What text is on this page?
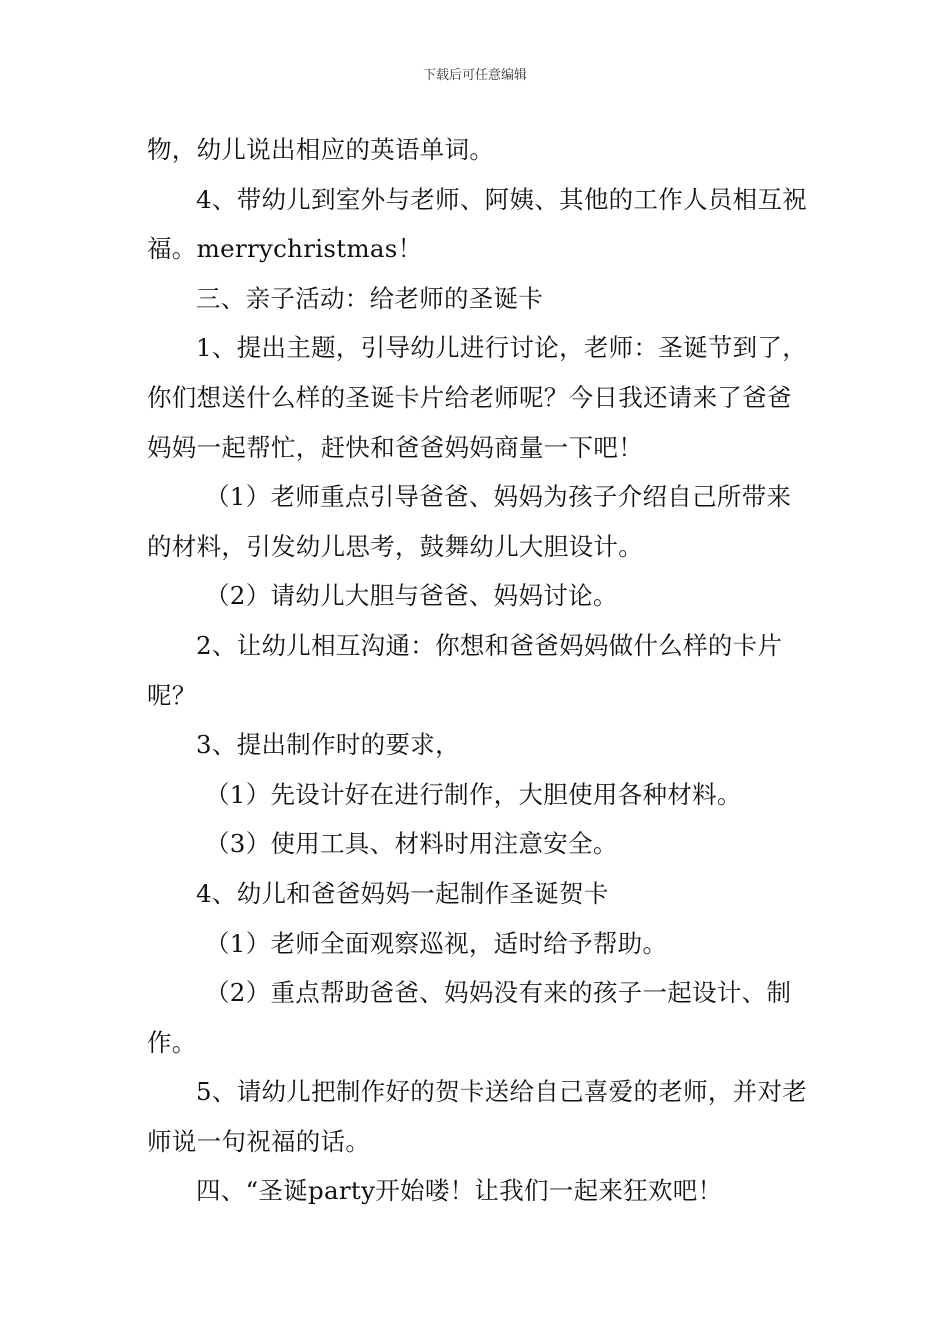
下载后可任意编辑

物，幼儿说出相应的英语单词。

4、带幼儿到室外与老师、阿姨、其他的工作人员相互祝福。merrychristmas！

三、亲子活动：给老师的圣诞卡

1、提出主题，引导幼儿进行讨论，老师：圣诞节到了，你们想送什么样的圣诞卡片给老师呢？今日我还请来了爸爸妈妈一起帮忙，赶快和爸爸妈妈商量一下吧！

（1）老师重点引导爸爸、妈妈为孩子介绍自己所带来的材料，引发幼儿思考，鼓舞幼儿大胆设计。

（2）请幼儿大胆与爸爸、妈妈讨论。

2、让幼儿相互沟通：你想和爸爸妈妈做什么样的卡片呢？

3、提出制作时的要求，

（1）先设计好在进行制作，大胆使用各种材料。

（3）使用工具、材料时用注意安全。

4、幼儿和爸爸妈妈一起制作圣诞贺卡

（1）老师全面观察巡视，适时给予帮助。

（2）重点帮助爸爸、妈妈没有来的孩子一起设计、制作。

5、请幼儿把制作好的贺卡送给自己喜爱的老师，并对老师说一句祝福的话。

四、“圣诞party开始喽！让我们一起来狂欢吧！
